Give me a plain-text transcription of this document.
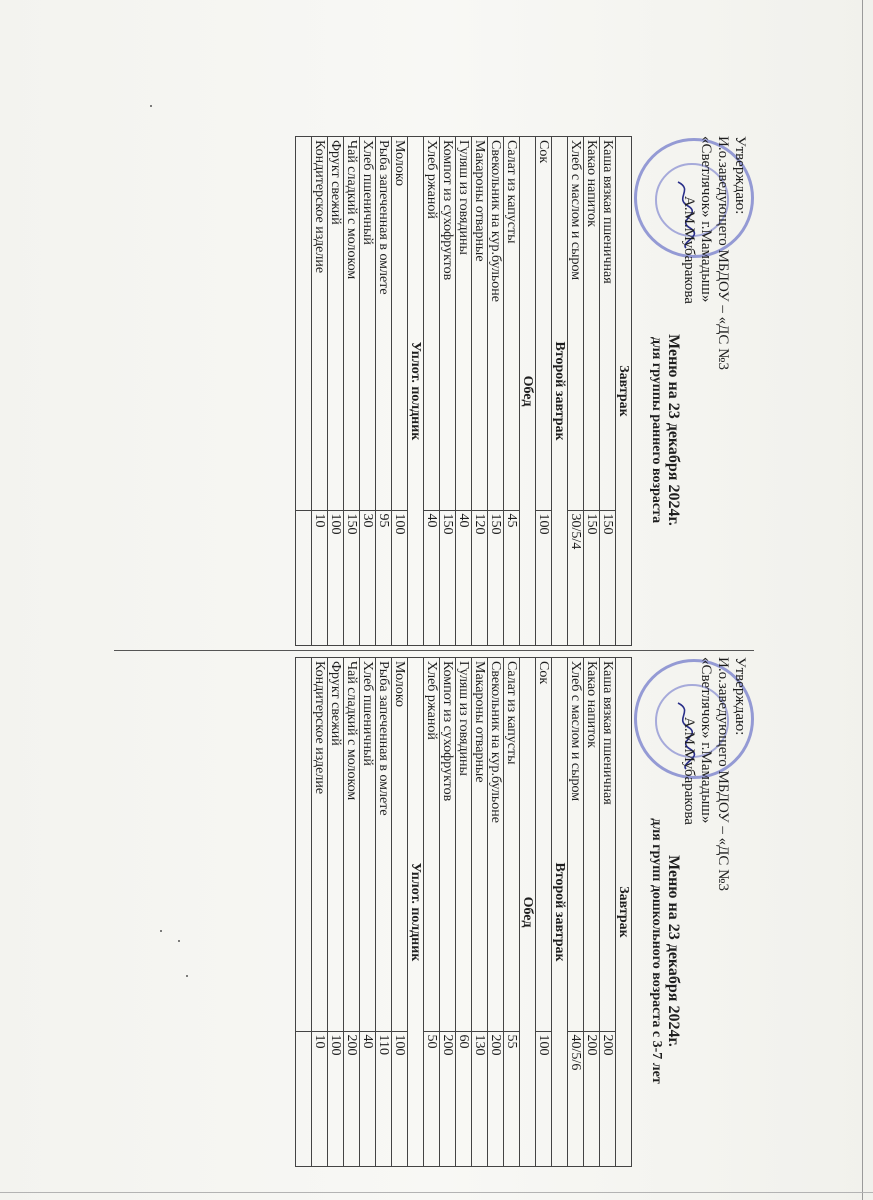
Утверждаю:
И.о.заведующего МБДОУ – «ДС №3
«Светлячок» г.Мамадыш»
А.М.Мубаракова
Меню на 23 декабря 2024г.
для группы раннего возраста
Завтрак	
Каша вязкая пшеничная	150
Какао напиток	150
Хлеб с маслом и сыром	30/5/4
Второй завтрак	
Сок	100
Обед	
Салат из капусты	45
Свекольник на кур.бульоне	150
Макароны отварные	120
Гуляш из говядины	40
Компот из сухофруктов	150
Хлеб ржаной	40
Уплот. полдник	
Молоко	100
Рыба запеченная в омлете	95
Хлеб пшеничный	30
Чай сладкий с молоком	150
Фрукт свежий	100
Кондитерское изделие	10

Утверждаю:
И.о.заведующего МБДОУ – «ДС №3
«Светлячок» г.Мамадыш»
А.М.Мубаракова
Меню на 23 декабря 2024г.
для групп дошкольного возраста с 3-7 лет
Завтрак	
Каша вязкая пшеничная	200
Какао напиток	200
Хлеб с маслом и сыром	40/5/6
Второй завтрак	
Сок	100
Обед	
Салат из капусты	55
Свекольник на кур.бульоне	200
Макароны отварные	130
Гуляш из говядины	60
Компот из сухофруктов	200
Хлеб ржаной	50
Уплот. полдник	
Молоко	100
Рыба запеченная в омлете	110
Хлеб пшеничный	40
Чай сладкий с молоком	200
Фрукт свежий	100
Кондитерское изделие	10
